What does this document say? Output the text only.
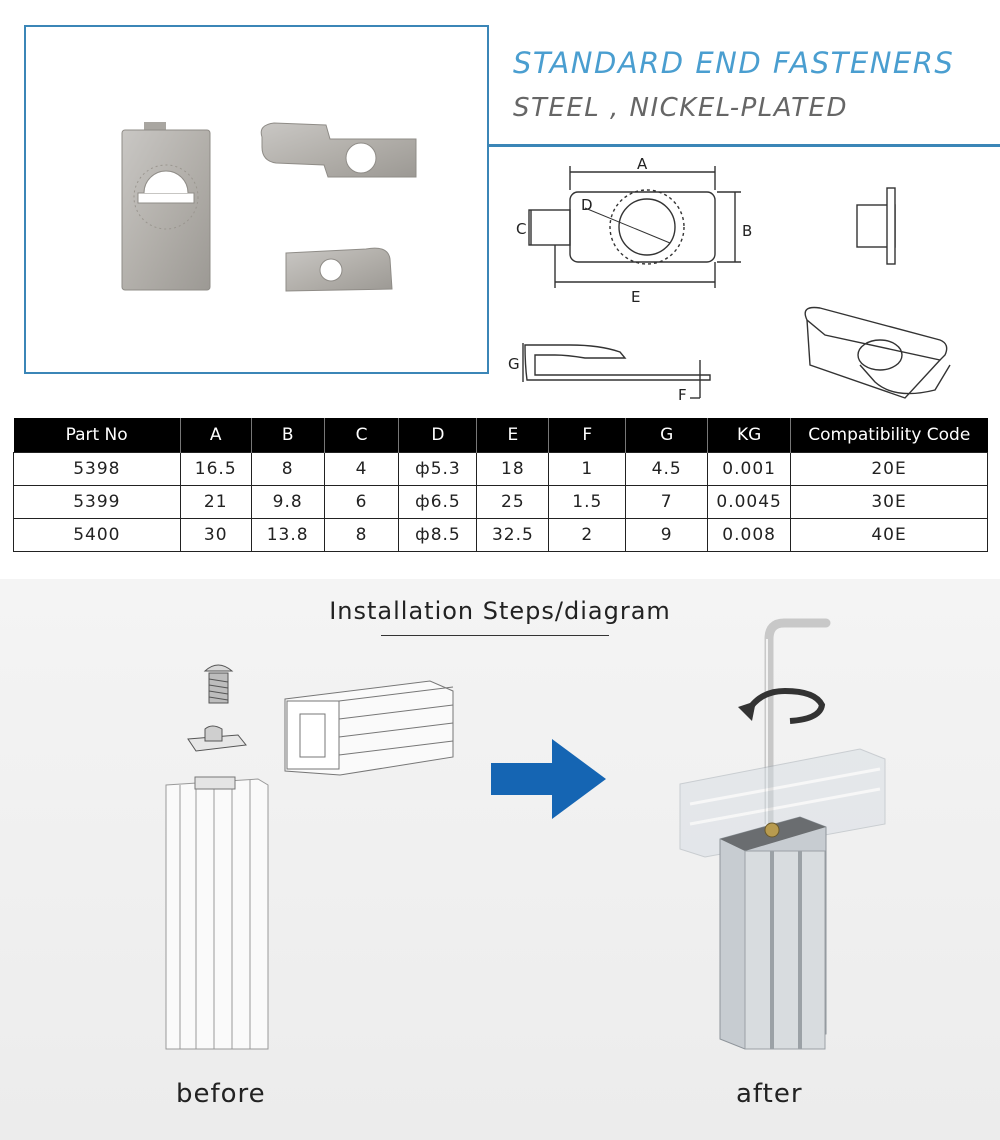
STANDARD END FASTENERS
STEEL , NICKEL-PLATED
A
B
C
D
E
F
G
Part No	A	B	C	D	E	F	G	KG	Compatibility Code
5398	16.5	8	4	ф5.3	18	1	4.5	0.001	20E
5399	21	9.8	6	ф6.5	25	1.5	7	0.0045	30E
5400	30	13.8	8	ф8.5	32.5	2	9	0.008	40E
Installation Steps/diagram
before	after
